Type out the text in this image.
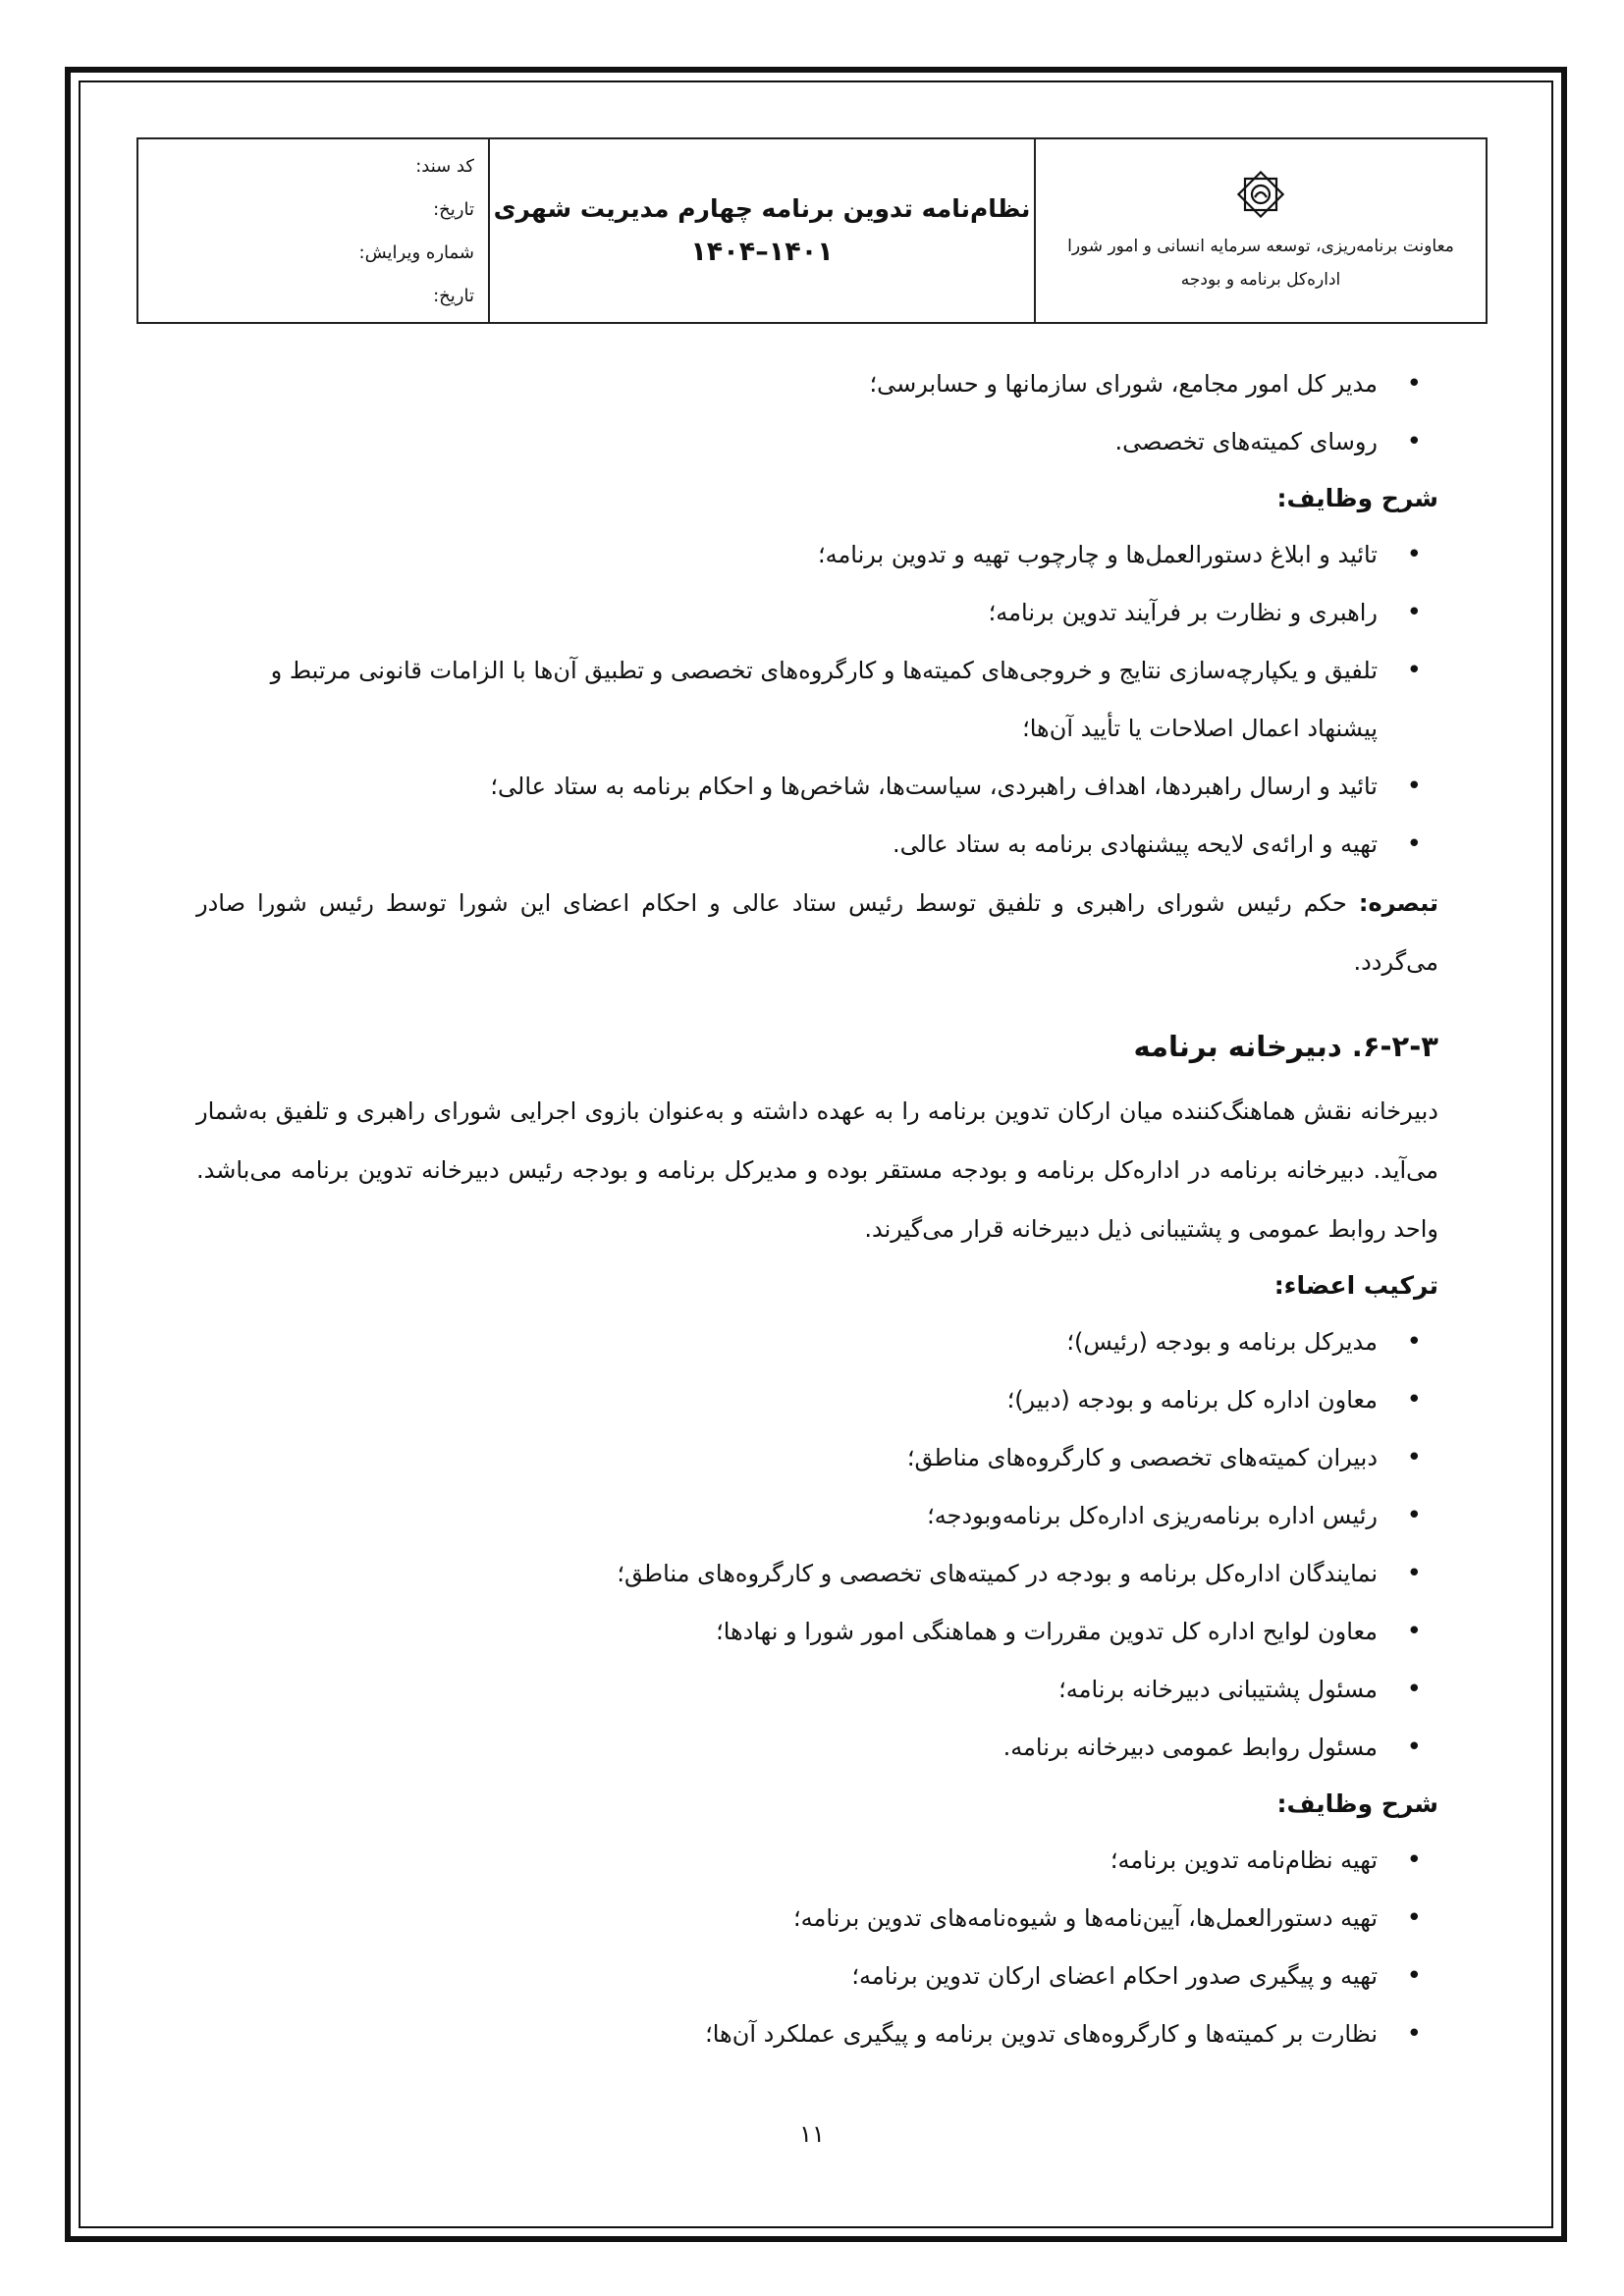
معاونت برنامه‌ریزی، توسعه سرمایه انسانی و امور شورا
اداره‌کل برنامه و بودجه
نظام‌نامه تدوین برنامه چهارم مدیریت شهری
۱۴۰۱–۱۴۰۴
کد سند:
تاریخ:
شماره ویرایش:
تاریخ:
• مدیر کل امور مجامع، شورای سازمانها و حسابرسی؛
• روسای کمیته‌های تخصصی.
شرح وظایف:
• تائید و ابلاغ دستورالعمل‌ها و چارچوب تهیه و تدوین برنامه؛
• راهبری و نظارت بر فرآیند تدوین برنامه؛
• تلفیق و یکپارچه‌سازی نتایج و خروجی‌های کمیته‌ها و کارگروه‌های تخصصی و تطبیق آن‌ها با الزامات قانونی مرتبط و پیشنهاد اعمال اصلاحات یا تأیید آن‌ها؛
• تائید و ارسال راهبردها، اهداف راهبردی، سیاست‌ها، شاخص‌ها و احکام برنامه به ستاد عالی؛
• تهیه و ارائه‌ی لایحه پیشنهادی برنامه به ستاد عالی.
تبصره: حکم رئیس شورای راهبری و تلفیق توسط رئیس ستاد عالی و احکام اعضای این شورا توسط رئیس شورا صادر می‌گردد.
۶-۲-۳. دبیرخانه برنامه
دبیرخانه نقش هماهنگ‌کننده میان ارکان تدوین برنامه را به عهده داشته و به‌عنوان بازوی اجرایی شورای راهبری و تلفیق به‌شمار می‌آید. دبیرخانه برنامه در اداره‌کل برنامه و بودجه مستقر بوده و مدیرکل برنامه و بودجه رئیس دبیرخانه تدوین برنامه می‌باشد. واحد روابط عمومی و پشتیبانی ذیل دبیرخانه قرار می‌گیرند.
ترکیب اعضاء:
• مدیرکل برنامه و بودجه (رئیس)؛
• معاون اداره کل برنامه و بودجه (دبیر)؛
• دبیران کمیته‌های تخصصی و کارگروه‌های مناطق؛
• رئیس اداره برنامه‌ریزی اداره‌کل برنامه‌وبودجه؛
• نمایندگان اداره‌کل برنامه و بودجه در کمیته‌های تخصصی و کارگروه‌های مناطق؛
• معاون لوایح اداره کل تدوین مقررات و هماهنگی امور شورا و نهادها؛
• مسئول پشتیبانی دبیرخانه برنامه؛
• مسئول روابط عمومی دبیرخانه برنامه.
شرح وظایف:
• تهیه نظام‌نامه تدوین برنامه؛
• تهیه دستورالعمل‌ها، آیین‌نامه‌ها و شیوه‌نامه‌های تدوین برنامه؛
• تهیه و پیگیری صدور احکام اعضای ارکان تدوین برنامه؛
• نظارت بر کمیته‌ها و کارگروه‌های تدوین برنامه و پیگیری عملکرد آن‌ها؛
۱۱
